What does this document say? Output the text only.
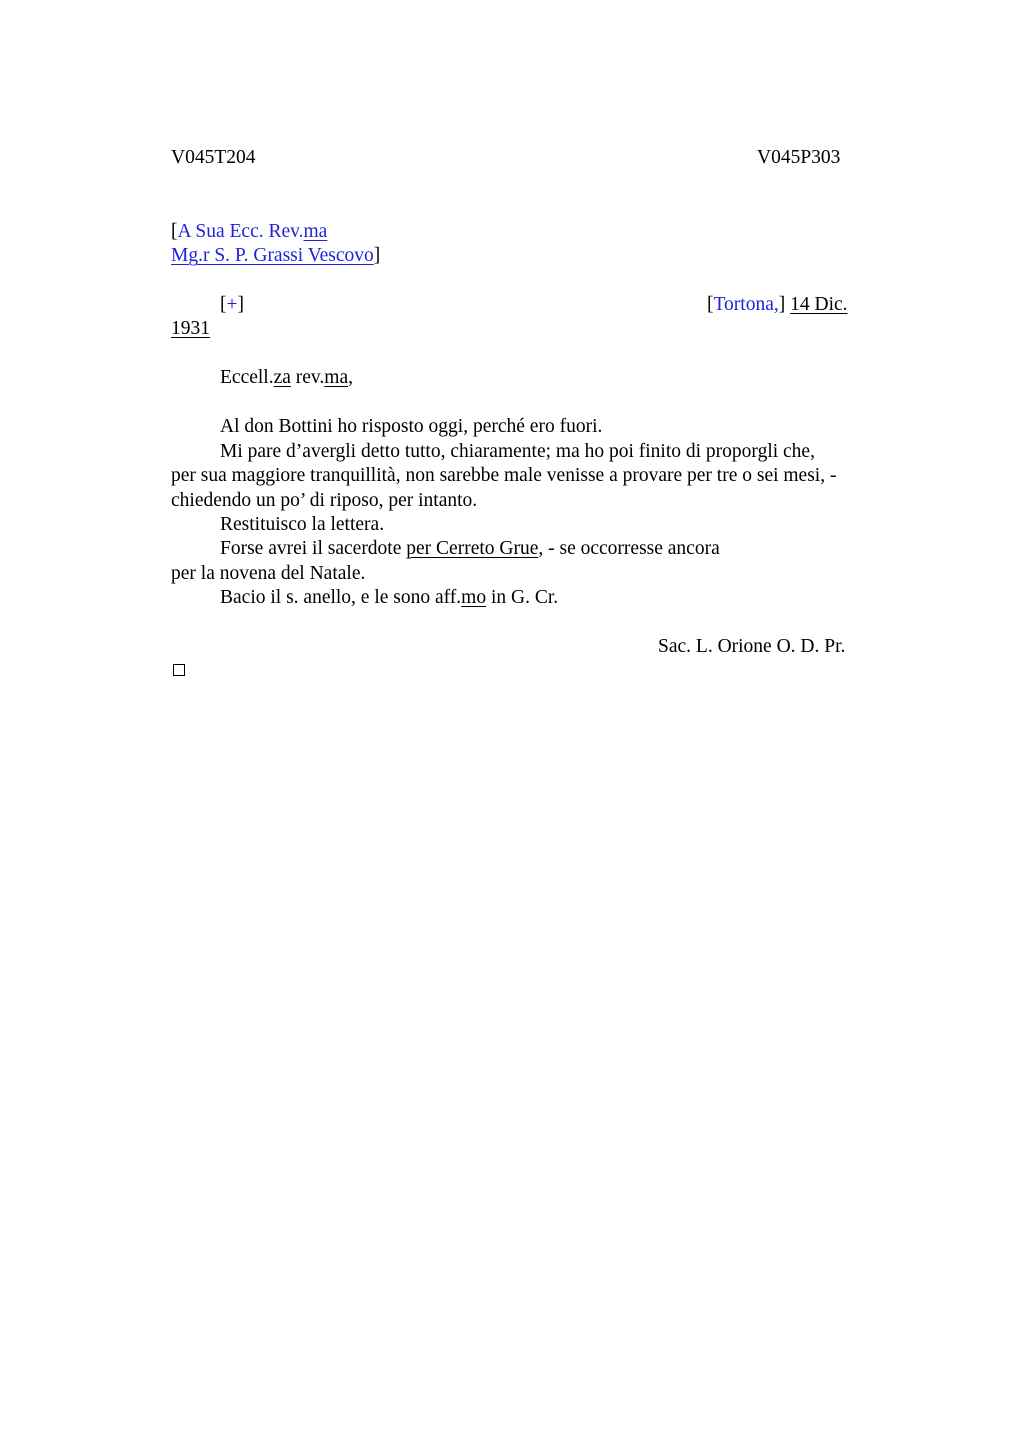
V045T204	V045P303
[A Sua Ecc. Rev.ma
Mg.r S. P. Grassi Vescovo]
[+]	[Tortona,] 14 Dic.
1931
Eccell.za rev.ma,
Al don Bottini ho risposto oggi, perché ero fuori.
Mi pare d’avergli detto tutto, chiaramente; ma ho poi finito di proporgli che,
per sua maggiore tranquillità, non sarebbe male venisse a provare per tre o sei mesi, -
chiedendo un po’ di riposo, per intanto.
Restituisco la lettera.
Forse avrei il sacerdote per Cerreto Grue, - se occorresse ancora
per la novena del Natale.
Bacio il s. anello, e le sono aff.mo in G. Cr.
Sac. L. Orione O. D. Pr.
